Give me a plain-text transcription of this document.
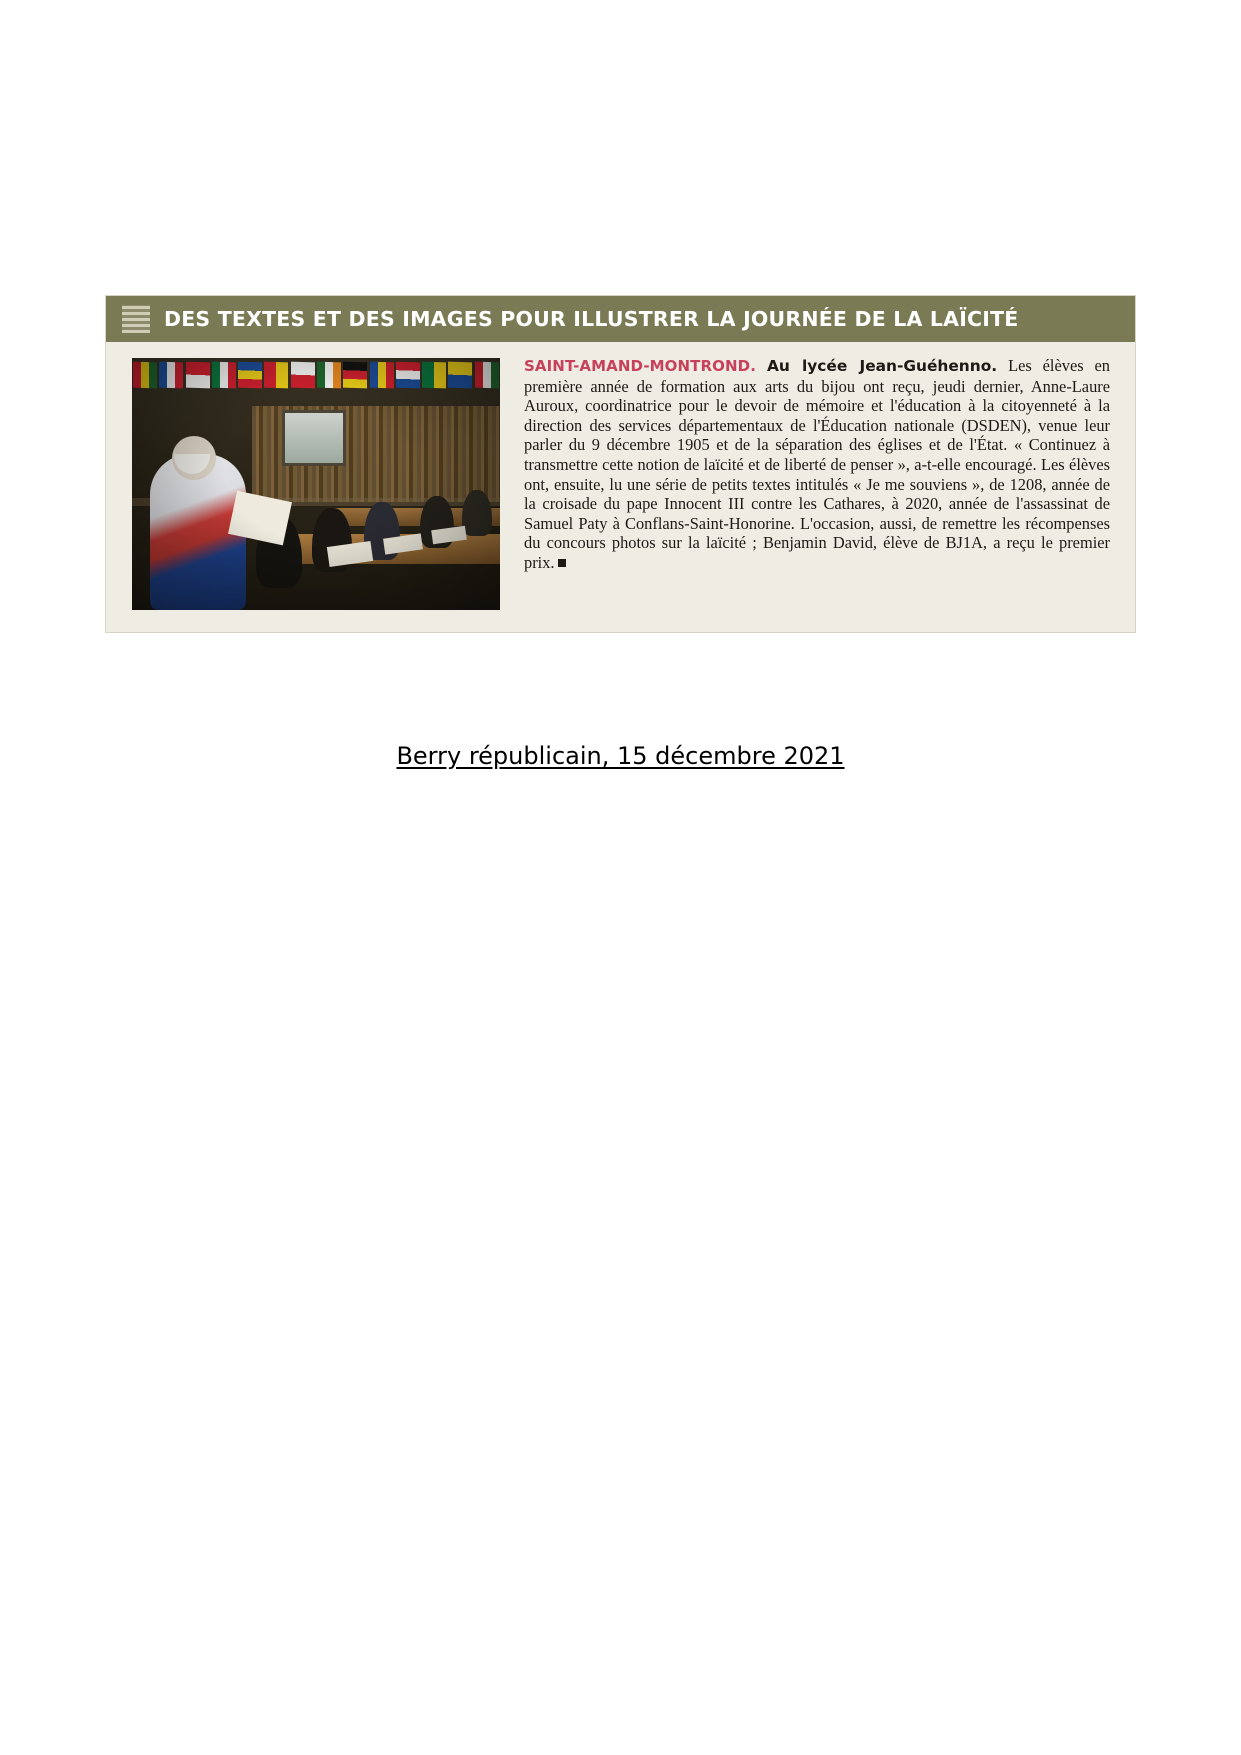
DES TEXTES ET DES IMAGES POUR ILLUSTRER LA JOURNÉE DE LA LAÏCITÉ
SAINT-AMAND-MONTROND. Au lycée Jean-Guéhenno. Les élèves en première année de formation aux arts du bijou ont reçu, jeudi dernier, Anne-Laure Auroux, coordinatrice pour le devoir de mémoire et l'éducation à la citoyenneté à la direction des services départementaux de l'Éducation nationale (DSDEN), venue leur parler du 9 décembre 1905 et de la séparation des églises et de l'État. « Continuez à transmettre cette notion de laïcité et de liberté de penser », a-t-elle encouragé. Les élèves ont, ensuite, lu une série de petits textes intitulés « Je me souviens », de 1208, année de la croisade du pape Innocent III contre les Cathares, à 2020, année de l'assassinat de Samuel Paty à Conflans-Saint-Honorine. L'occasion, aussi, de remettre les récompenses du concours photos sur la laïcité ; Benjamin David, élève de BJ1A, a reçu le premier prix.
Berry républicain, 15 décembre 2021
